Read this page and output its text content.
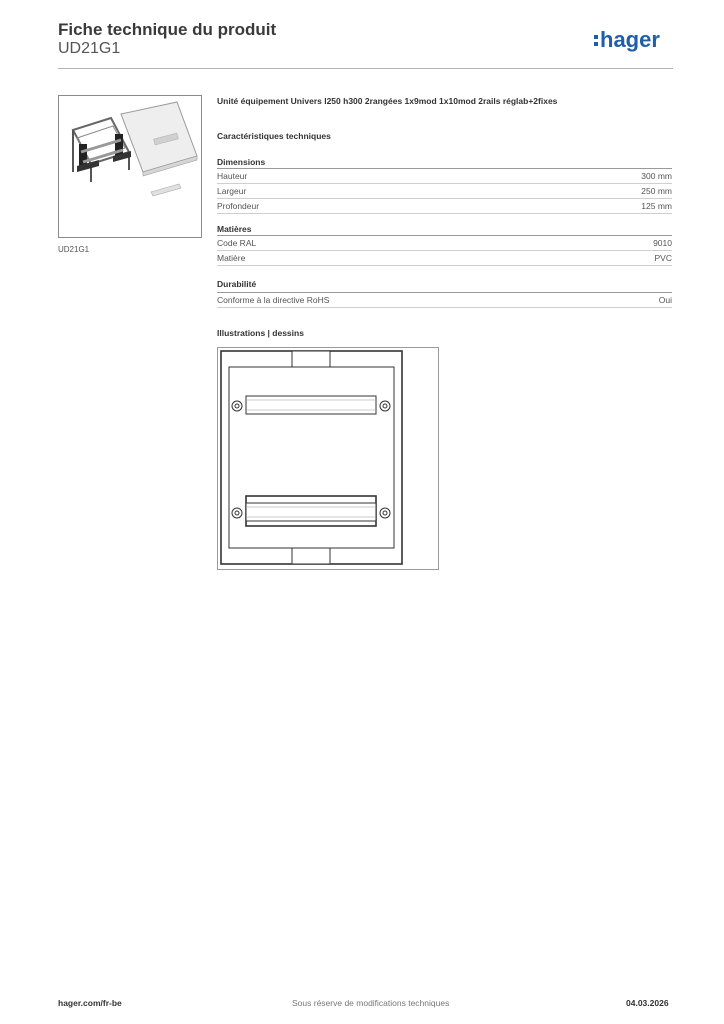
Fiche technique du produit
UD21G1	hager
UD21G1
Unité équipement Univers l250 h300 2rangées 1x9mod 1x10mod 2rails réglab+2fixes
Caractéristiques techniques
Dimensions
Hauteur	300 mm
Largeur	250 mm
Profondeur	125 mm
Matières
Code RAL	9010
Matière	PVC
Durabilité
Conforme à la directive RoHS	Oui
Illustrations | dessins
hager.com/fr-be	Sous réserve de modifications techniques	04.03.2026
